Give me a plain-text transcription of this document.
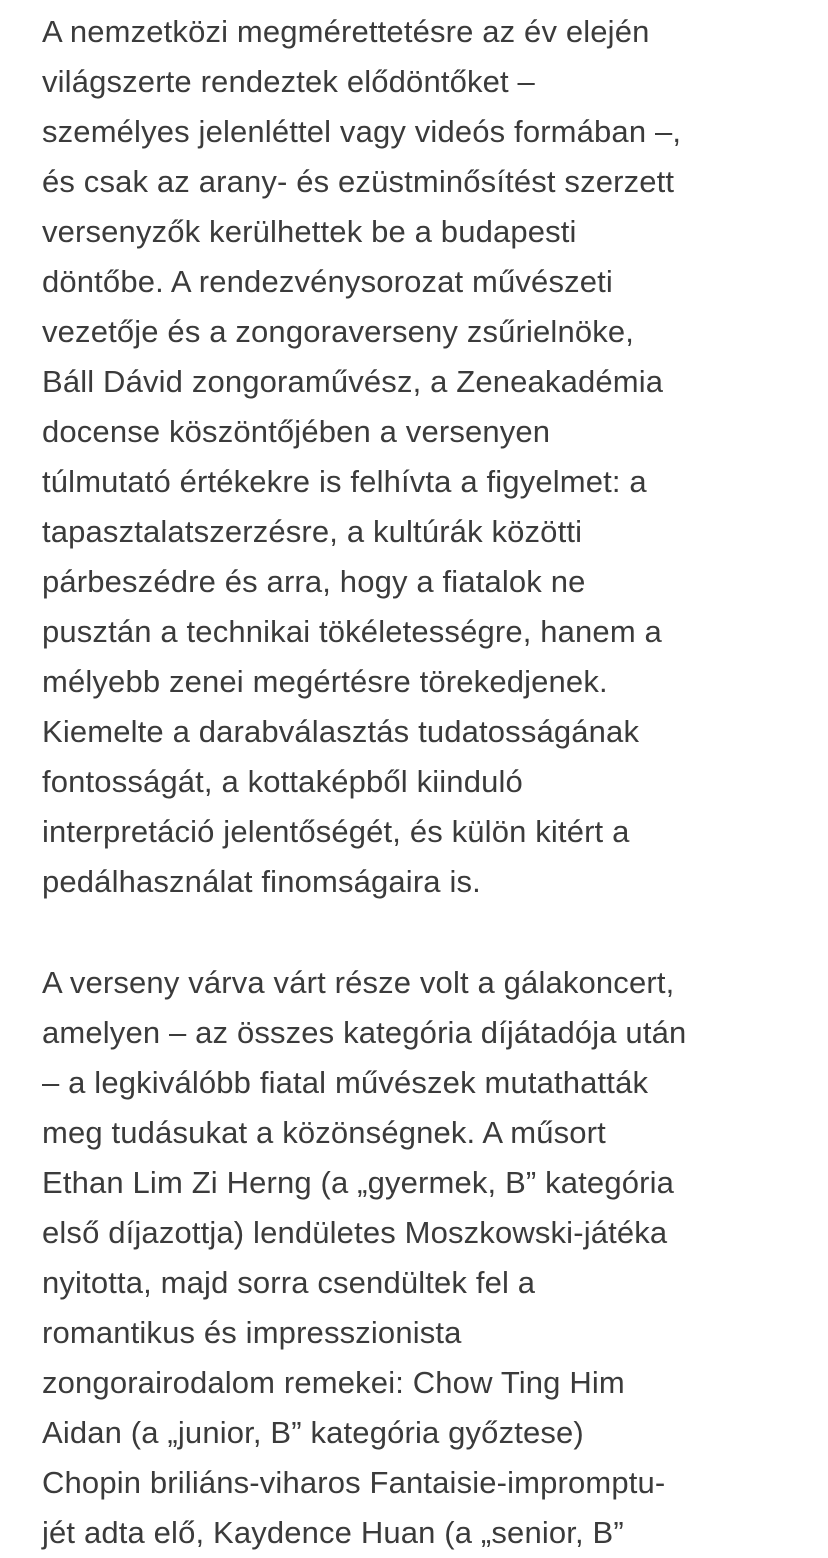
A nemzetközi megmérettetésre az év elején
világszerte rendeztek elődöntőket –
személyes jelenléttel vagy videós formában –,
és csak az arany- és ezüstminősítést szerzett
versenyzők kerülhettek be a budapesti
döntőbe. A rendezvénysorozat művészeti
vezetője és a zongoraverseny zsűrielnöke,
Báll Dávid zongoraművész, a Zeneakadémia
docense köszöntőjében a versenyen
túlmutató értékekre is felhívta a figyelmet: a
tapasztalatszerzésre, a kultúrák közötti
párbeszédre és arra, hogy a fiatalok ne
pusztán a technikai tökéletességre, hanem a
mélyebb zenei megértésre törekedjenek.
Kiemelte a darabválasztás tudatosságának
fontosságát, a kottaképből kiinduló
interpretáció jelentőségét, és külön kitért a
pedálhasználat finomságaira is.
A verseny várva várt része volt a gálakoncert,
amelyen – az összes kategória díjátadója után
– a legkiválóbb fiatal művészek mutathatták
meg tudásukat a közönségnek. A műsort
Ethan Lim Zi Herng (a „gyermek, B” kategória
első díjazottja) lendületes Moszkowski-játéka
nyitotta, majd sorra csendültek fel a
romantikus és impresszionista
zongorairodalom remekei: Chow Ting Him
Aidan (a „junior, B” kategória győztese)
Chopin briliáns-viharos Fantaisie-impromptu-
jét adta elő, Kaydence Huan (a „senior, B”
